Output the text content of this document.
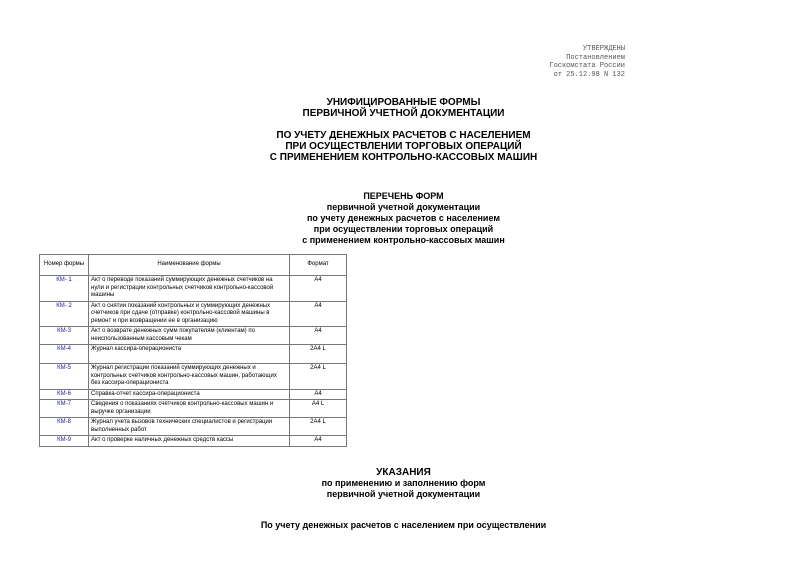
УТВЕРЖДЕНЫ
Постановлением
Госкомстата России
от 25.12.98 N 132
УНИФИЦИРОВАННЫЕ ФОРМЫ
ПЕРВИЧНОЙ УЧЕТНОЙ ДОКУМЕНТАЦИИ
ПО УЧЕТУ ДЕНЕЖНЫХ РАСЧЕТОВ С НАСЕЛЕНИЕМ
ПРИ ОСУЩЕСТВЛЕНИИ ТОРГОВЫХ ОПЕРАЦИЙ
С ПРИМЕНЕНИЕМ КОНТРОЛЬНО-КАССОВЫХ МАШИН
ПЕРЕЧЕНЬ ФОРМ
первичной учетной документации
по учету денежных расчетов с населением
при осуществлении торговых операций
с применением контрольно-кассовых машин
Номер формы	Наименование формы	Формат
КМ- 1	Акт о переводе показаний суммирующих денежных счетчиков на нули и регистрации контрольных счетчиков контрольно-кассовой машины	А4
КМ- 2	Акт о снятии показаний контрольных и суммирующих денежных счетчиков при сдаче (отправке) контрольно-кассовой машины в ремонт и при возвращении ее в организацию	А4
КМ-3	Акт о возврате денежных сумм покупателям (клиентам) по неиспользованным кассовым чекам	А4
КМ-4	Журнал кассира-операциониста	2А4 L
КМ-5	Журнал регистрации показаний суммирующих денежных и контрольных счетчиков контрольно-кассовых машин, работающих без кассира-операциониста	2А4 L
КМ-6	Справка-отчет кассира-операциониста	А4
КМ-7	Сведения о показаниях счетчиков контрольно-кассовых машин и выручке организации	А4 L
КМ-8	Журнал учета вызовов технических специалистов и регистрации выполненных работ	2А4 L
КМ-9	Акт о проверке наличных денежных средств кассы	А4
УКАЗАНИЯ
по применению и заполнению форм
первичной учетной документации
По учету денежных расчетов с населением при осуществлении
